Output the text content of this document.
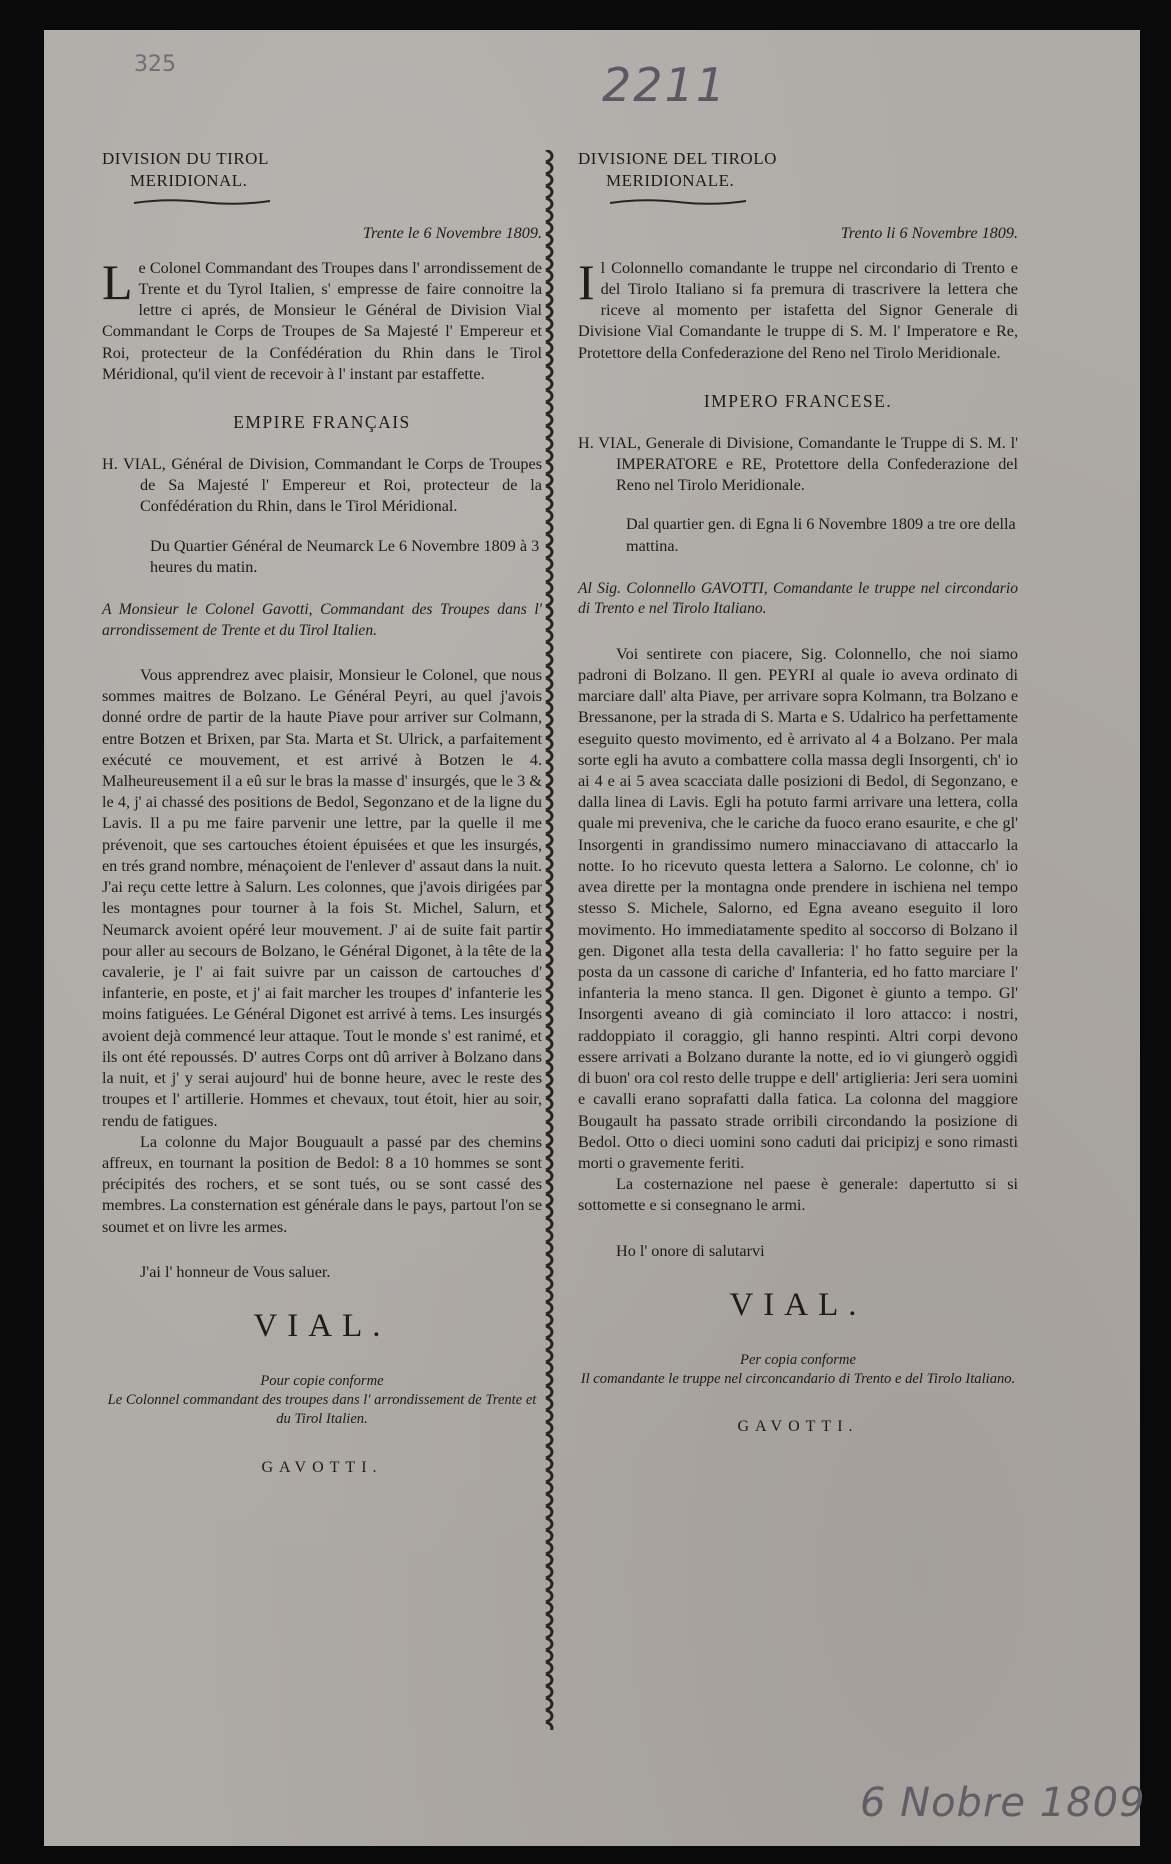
325	2211
6 Nobre 1809

DIVISION DU TIROL

MERIDIONAL.

Trente le 6 Novembre 1809.

Le Colonel Commandant des Troupes dans l' arrondissement de Trente et du Tyrol Italien, s' empresse de faire connoitre la lettre ci aprés, de Monsieur le Général de Division Vial Commandant le Corps de Troupes de Sa Majesté l' Empereur et Roi, protecteur de la Confédération du Rhin dans le Tirol Méridional, qu'il vient de recevoir à l' instant par estaffette.

EMPIRE FRANÇAIS

H. VIAL, Général de Division, Commandant le Corps de Troupes de Sa Majesté l' Empereur et Roi, protecteur de la Confédération du Rhin, dans le Tirol Méridional.

Du Quartier Général de Neumarck Le 6 Novembre 1809 à 3 heures du matin.

A Monsieur le Colonel Gavotti, Commandant des Troupes dans l' arrondissement de Trente et du Tirol Italien.

Vous apprendrez avec plaisir, Monsieur le Colonel, que nous sommes maitres de Bolzano. Le Général Peyri, au quel j'avois donné ordre de partir de la haute Piave pour arriver sur Colmann, entre Botzen et Brixen, par Sta. Marta et St. Ulrick, a parfaitement exécuté ce mouvement, et est arrivé à Botzen le 4. Malheureusement il a eû sur le bras la masse d' insurgés, que le 3 & le 4, j' ai chassé des positions de Bedol, Segonzano et de la ligne du Lavis. Il a pu me faire parvenir une lettre, par la quelle il me prévenoit, que ses cartouches étoient épuisées et que les insurgés, en trés grand nombre, ménaçoient de l'enlever d' assaut dans la nuit. J'ai reçu cette lettre à Salurn. Les colonnes, que j'avois dirigées par les montagnes pour tourner à la fois St. Michel, Salurn, et Neumarck avoient opéré leur mouvement. J' ai de suite fait partir pour aller au secours de Bolzano, le Général Digonet, à la tête de la cavalerie, je l' ai fait suivre par un caisson de cartouches d' infanterie, en poste, et j' ai fait marcher les troupes d' infanterie les moins fatiguées. Le Général Digonet est arrivé à tems. Les insurgés avoient dejà commencé leur attaque. Tout le monde s' est ranimé, et ils ont été repoussés. D' autres Corps ont dû arriver à Bolzano dans la nuit, et j' y serai aujourd' hui de bonne heure, avec le reste des troupes et l' artillerie. Hommes et chevaux, tout étoit, hier au soir, rendu de fatigues.

La colonne du Major Bouguault a passé par des chemins affreux, en tournant la position de Bedol: 8 a 10 hommes se sont précipités des rochers, et se sont tués, ou se sont cassé des membres. La consternation est générale dans le pays, partout l'on se soumet et on livre les armes.

J'ai l' honneur de Vous saluer.

VIAL.

Pour copie conforme

Le Colonnel commandant des troupes dans l' arrondissement de Trente et du Tirol Italien.

GAVOTTI.

DIVISIONE DEL TIROLO

MERIDIONALE.

Trento li 6 Novembre 1809.

Il Colonnello comandante le truppe nel circondario di Trento e del Tirolo Italiano si fa premura di trascrivere la lettera che riceve al momento per istafetta del Signor Generale di Divisione Vial Comandante le truppe di S. M. l' Imperatore e Re, Protettore della Confederazione del Reno nel Tirolo Meridionale.

IMPERO FRANCESE.

H. VIAL, Generale di Divisione, Comandante le Truppe di S. M. l' IMPERATORE e RE, Protettore della Confederazione del Reno nel Tirolo Meridionale.

Dal quartier gen. di Egna li 6 Novembre 1809 a tre ore della mattina.

Al Sig. Colonnello GAVOTTI, Comandante le truppe nel circondario di Trento e nel Tirolo Italiano.

Voi sentirete con piacere, Sig. Colonnello, che noi siamo padroni di Bolzano. Il gen. PEYRI al quale io aveva ordinato di marciare dall' alta Piave, per arrivare sopra Kolmann, tra Bolzano e Bressanone, per la strada di S. Marta e S. Udalrico ha perfettamente eseguito questo movimento, ed è arrivato al 4 a Bolzano. Per mala sorte egli ha avuto a combattere colla massa degli Insorgenti, ch' io ai 4 e ai 5 avea scacciata dalle posizioni di Bedol, di Segonzano, e dalla linea di Lavis. Egli ha potuto farmi arrivare una lettera, colla quale mi preveniva, che le cariche da fuoco erano esaurite, e che gl' Insorgenti in grandissimo numero minacciavano di attaccarlo la notte. Io ho ricevuto questa lettera a Salorno. Le colonne, ch' io avea dirette per la montagna onde prendere in ischiena nel tempo stesso S. Michele, Salorno, ed Egna aveano eseguito il loro movimento. Ho immediatamente spedito al soccorso di Bolzano il gen. Digonet alla testa della cavalleria: l' ho fatto seguire per la posta da un cassone di cariche d' Infanteria, ed ho fatto marciare l' infanteria la meno stanca. Il gen. Digonet è giunto a tempo. Gl' Insorgenti aveano di già cominciato il loro attacco: i nostri, raddoppiato il coraggio, gli hanno respinti. Altri corpi devono essere arrivati a Bolzano durante la notte, ed io vi giungerò oggidì di buon' ora col resto delle truppe e dell' artiglieria: Jeri sera uomini e cavalli erano soprafatti dalla fatica. La colonna del maggiore Bougault ha passato strade orribili circondando la posizione di Bedol. Otto o dieci uomini sono caduti dai pricipizj e sono rimasti morti o gravemente feriti.

La costernazione nel paese è generale: dapertutto si si sottomette e si consegnano le armi.

Ho l' onore di salutarvi

VIAL.

Per copia conforme

Il comandante le truppe nel circoncandario di Trento e del Tirolo Italiano.

GAVOTTI.
